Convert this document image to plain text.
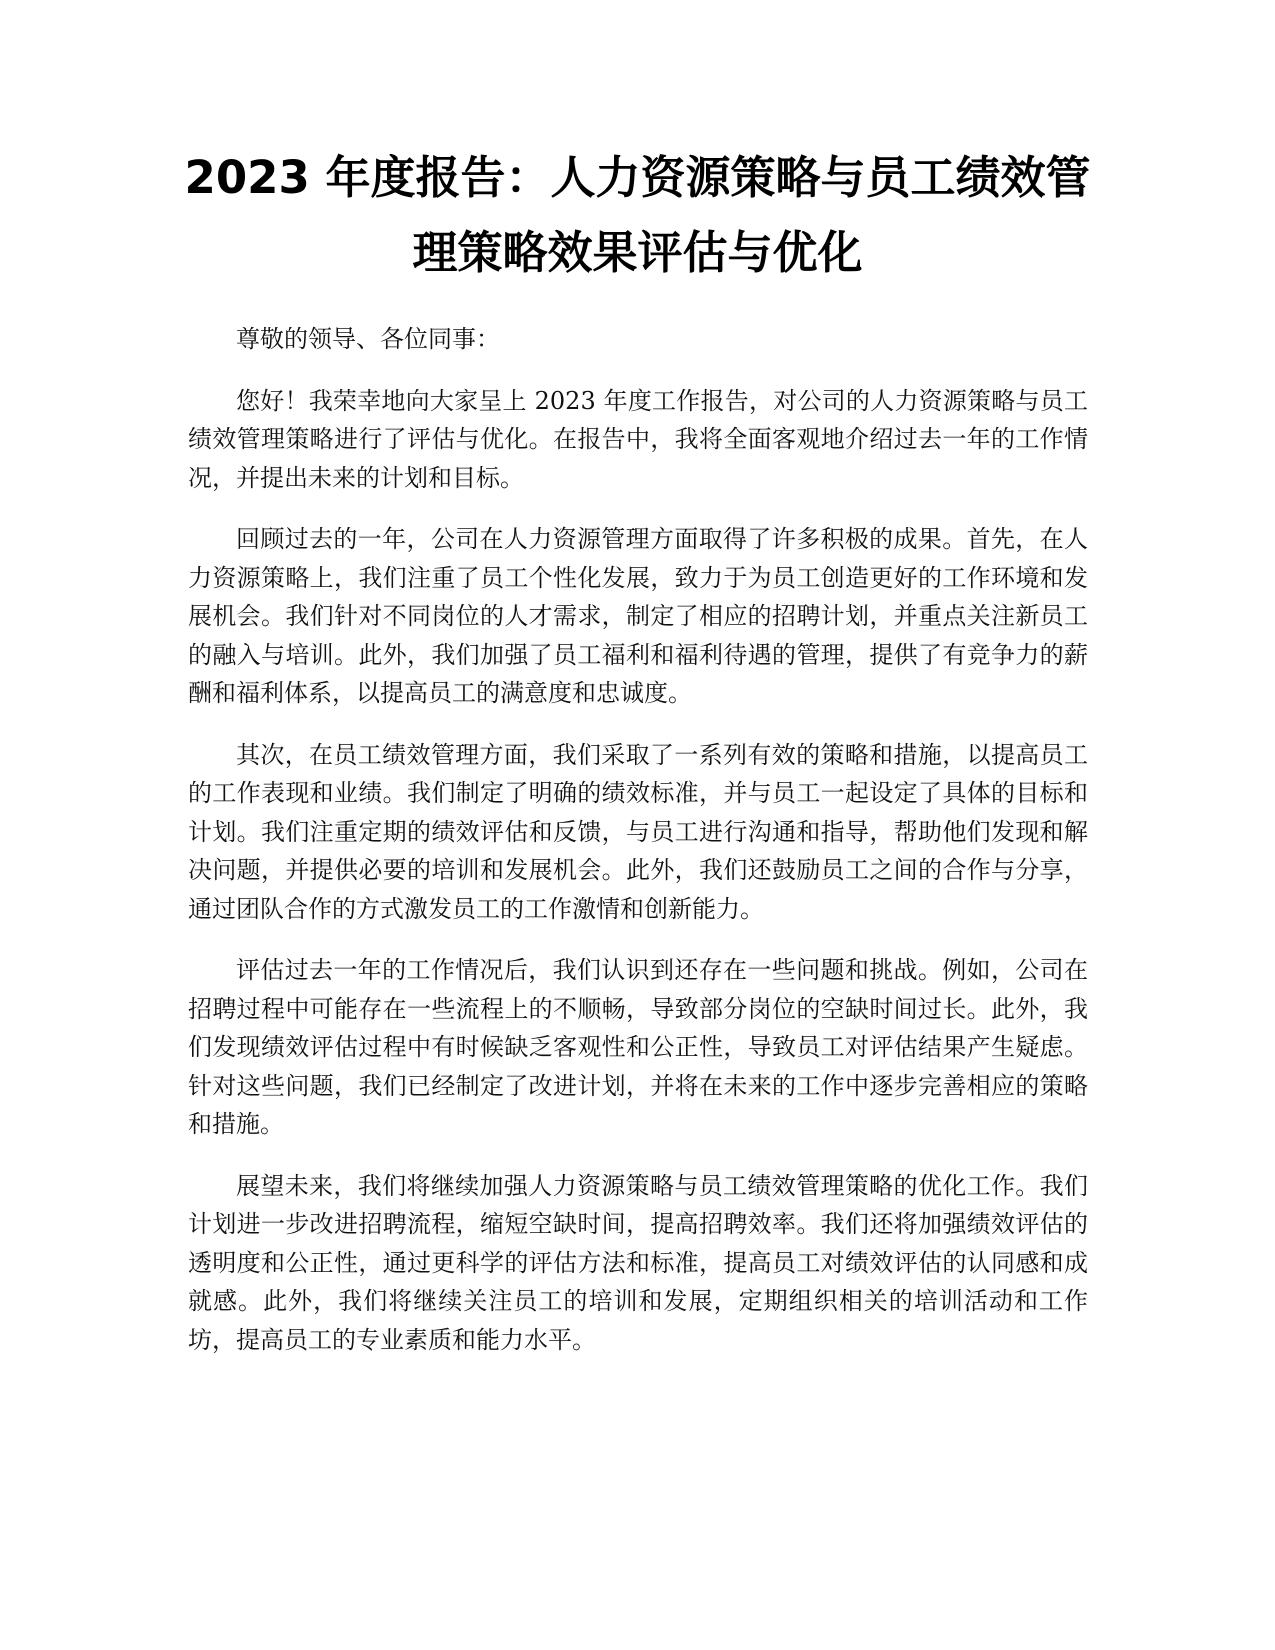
2023 年度报告：人力资源策略与员工绩效管
理策略效果评估与优化

尊敬的领导、各位同事：

您好！我荣幸地向大家呈上 2023 年度工作报告，对公司的人力资源策略与员工绩效管理策略进行了评估与优化。在报告中，我将全面客观地介绍过去一年的工作情况，并提出未来的计划和目标。

回顾过去的一年，公司在人力资源管理方面取得了许多积极的成果。首先，在人力资源策略上，我们注重了员工个性化发展，致力于为员工创造更好的工作环境和发展机会。我们针对不同岗位的人才需求，制定了相应的招聘计划，并重点关注新员工的融入与培训。此外，我们加强了员工福利和福利待遇的管理，提供了有竞争力的薪酬和福利体系，以提高员工的满意度和忠诚度。

其次，在员工绩效管理方面，我们采取了一系列有效的策略和措施，以提高员工的工作表现和业绩。我们制定了明确的绩效标准，并与员工一起设定了具体的目标和计划。我们注重定期的绩效评估和反馈，与员工进行沟通和指导，帮助他们发现和解决问题，并提供必要的培训和发展机会。此外，我们还鼓励员工之间的合作与分享，通过团队合作的方式激发员工的工作激情和创新能力。

评估过去一年的工作情况后，我们认识到还存在一些问题和挑战。例如，公司在招聘过程中可能存在一些流程上的不顺畅，导致部分岗位的空缺时间过长。此外，我们发现绩效评估过程中有时候缺乏客观性和公正性，导致员工对评估结果产生疑虑。针对这些问题，我们已经制定了改进计划，并将在未来的工作中逐步完善相应的策略和措施。

展望未来，我们将继续加强人力资源策略与员工绩效管理策略的优化工作。我们计划进一步改进招聘流程，缩短空缺时间，提高招聘效率。我们还将加强绩效评估的透明度和公正性，通过更科学的评估方法和标准，提高员工对绩效评估的认同感和成就感。此外，我们将继续关注员工的培训和发展，定期组织相关的培训活动和工作坊，提高员工的专业素质和能力水平。
